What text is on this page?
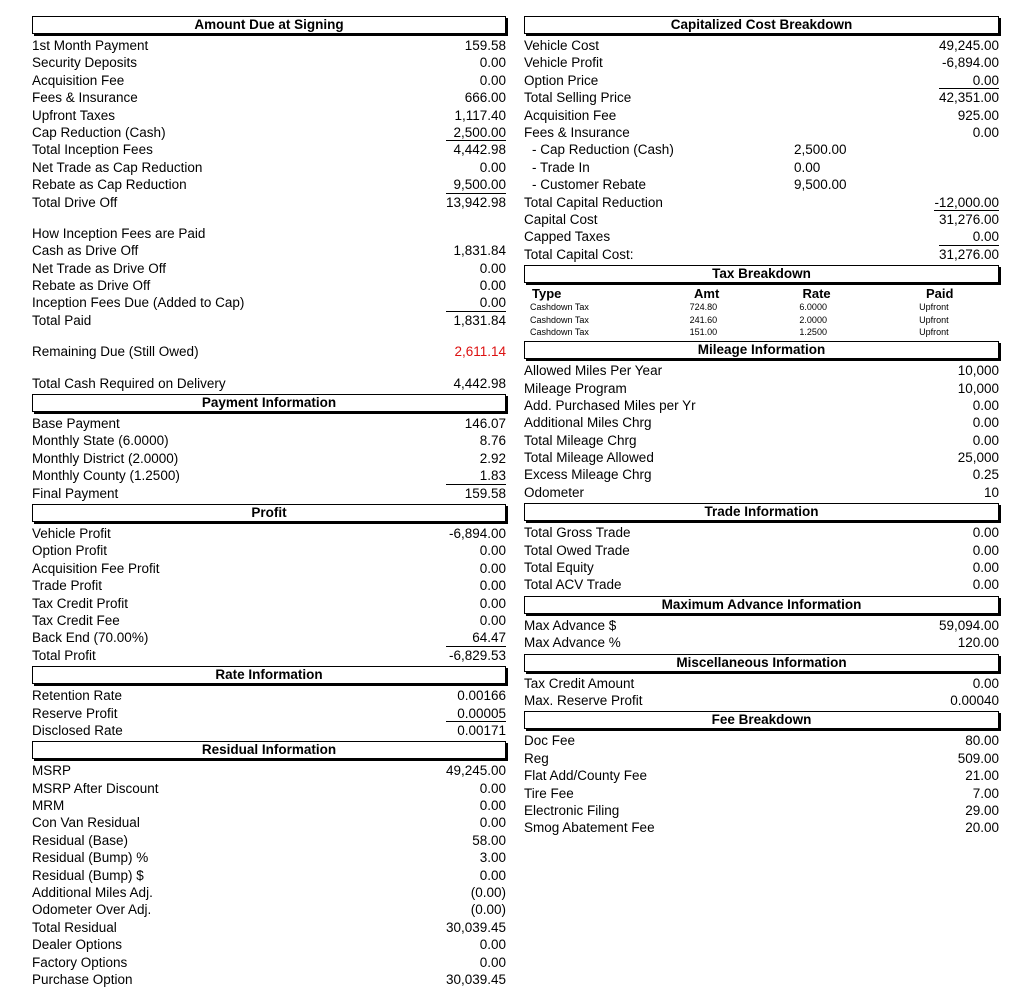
Amount Due at Signing
1st Month Payment	159.58
Security Deposits	0.00
Acquisition Fee	0.00
Fees & Insurance	666.00
Upfront Taxes	1,117.40
Cap Reduction (Cash)	2,500.00
Total Inception Fees	4,442.98
Net Trade as Cap Reduction	0.00
Rebate as Cap Reduction	9,500.00
Total Drive Off	13,942.98
How Inception Fees are Paid
Cash as Drive Off	1,831.84
Net Trade as Drive Off	0.00
Rebate as Drive Off	0.00
Inception Fees Due (Added to Cap)	0.00
Total Paid	1,831.84
Remaining Due (Still Owed)	2,611.14
Total Cash Required on Delivery	4,442.98
Payment Information
Base Payment	146.07
Monthly State (6.0000)	8.76
Monthly District (2.0000)	2.92
Monthly County (1.2500)	1.83
Final Payment	159.58
Profit
Vehicle Profit	-6,894.00
Option Profit	0.00
Acquisition Fee Profit	0.00
Trade Profit	0.00
Tax Credit Profit	0.00
Tax Credit Fee	0.00
Back End (70.00%)	64.47
Total Profit	-6,829.53
Rate Information
Retention Rate	0.00166
Reserve Profit	0.00005
Disclosed Rate	0.00171
Residual Information
MSRP	49,245.00
MSRP After Discount	0.00
MRM	0.00
Con Van Residual	0.00
Residual (Base)	58.00
Residual (Bump) %	3.00
Residual (Bump) $	0.00
Additional Miles Adj.	(0.00)
Odometer Over Adj.	(0.00)
Total Residual	30,039.45
Dealer Options	0.00
Factory Options	0.00
Purchase Option	30,039.45
Capitalized Cost Breakdown
Vehicle Cost	49,245.00
Vehicle Profit	-6,894.00
Option Price	0.00
Total Selling Price	42,351.00
Acquisition Fee	925.00
Fees & Insurance	0.00
- Cap Reduction (Cash)	2,500.00
- Trade In	0.00
- Customer Rebate	9,500.00
Total Capital Reduction	-12,000.00
Capital Cost	31,276.00
Capped Taxes	0.00
Total Capital Cost:	31,276.00
Tax Breakdown
Type	Amt	Rate	Paid
Cashdown Tax	724.80	6.0000	Upfront
Cashdown Tax	241.60	2.0000	Upfront
Cashdown Tax	151.00	1.2500	Upfront
Mileage Information
Allowed Miles Per Year	10,000
Mileage Program	10,000
Add. Purchased Miles per Yr	0.00
Additional Miles Chrg	0.00
Total Mileage Chrg	0.00
Total Mileage Allowed	25,000
Excess Mileage Chrg	0.25
Odometer	10
Trade Information
Total Gross Trade	0.00
Total Owed Trade	0.00
Total Equity	0.00
Total ACV Trade	0.00
Maximum Advance Information
Max Advance $	59,094.00
Max Advance %	120.00
Miscellaneous Information
Tax Credit Amount	0.00
Max. Reserve Profit	0.00040
Fee Breakdown
Doc Fee	80.00
Reg	509.00
Flat Add/County Fee	21.00
Tire Fee	7.00
Electronic Filing	29.00
Smog Abatement Fee	20.00
